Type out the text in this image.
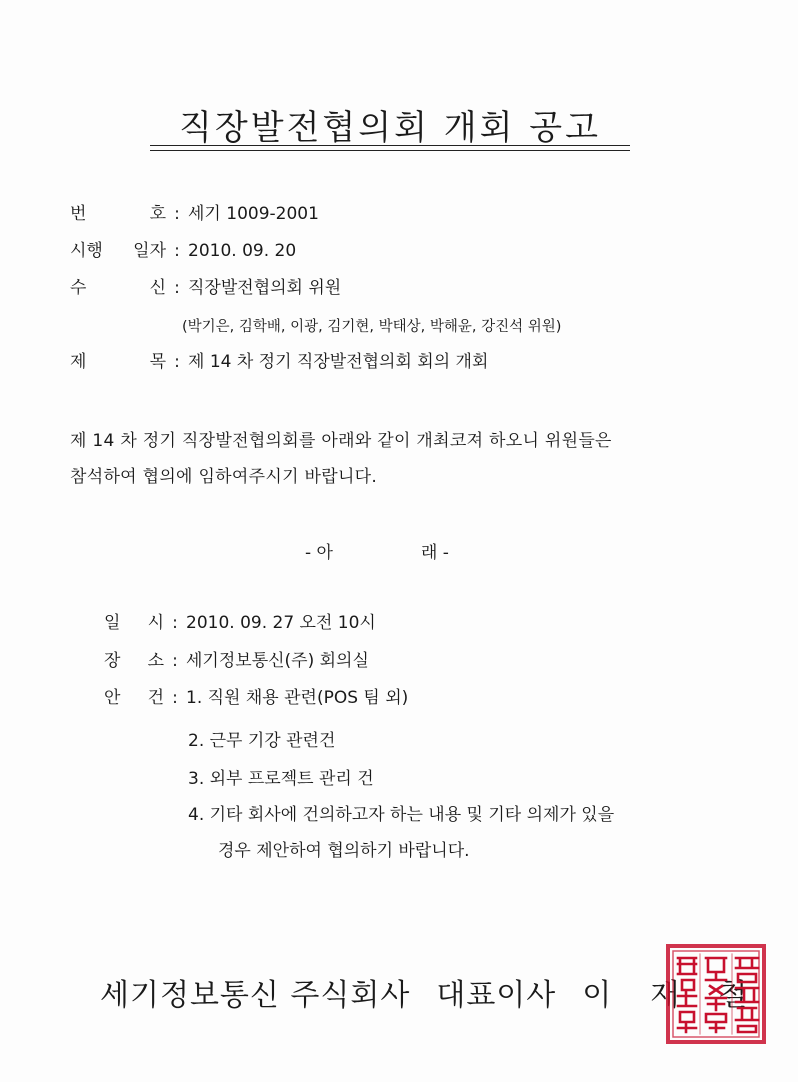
직장발전협의회 개회 공고
번 호 : 세기 1009-2001
시행 일자 : 2010. 09. 20
수 신 : 직장발전협의회 위원
(박기은, 김학배, 이광, 김기현, 박태상, 박해윤, 강진석 위원)
제 목 : 제 14 차 정기 직장발전협의회 회의 개회
제 14 차 정기 직장발전협의회를 아래와 같이 개최코져 하오니 위원들은
참석하여 협의에 임하여주시기 바랍니다.
- 아	래 -
일 시 : 2010. 09. 27 오전 10시
장 소 : 세기정보통신(주) 회의실
안 건 : 1. 직원 채용 관련(POS 팀 외)
2. 근무 기강 관련건
3. 외부 프로젝트 관리 건
4. 기타 회사에 건의하고자 하는 내용 및 기타 의제가 있을
경우 제안하여 협의하기 바랍니다.
세기정보통신 주식회사 대표이사 이 재 철
